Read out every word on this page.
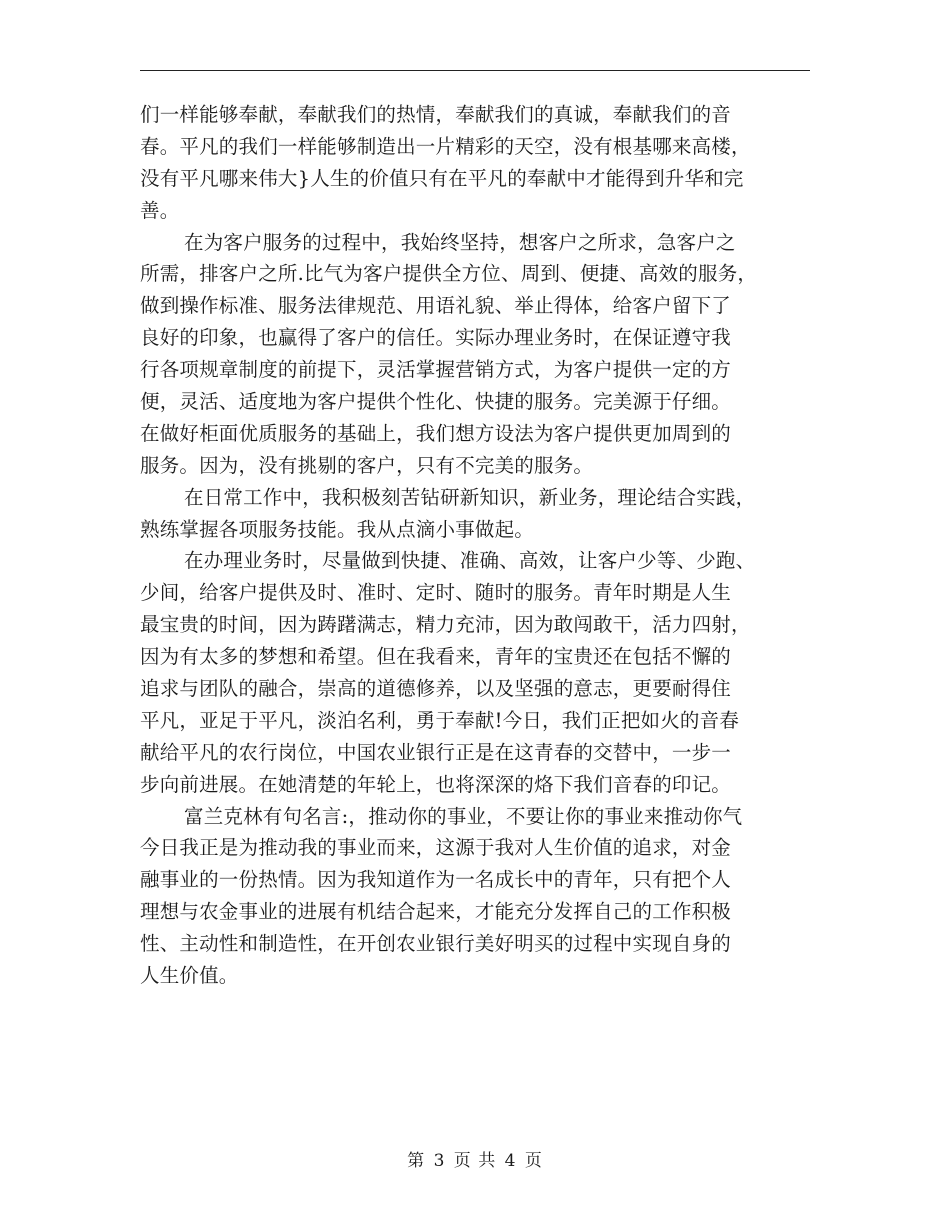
们一样能够奉献，奉献我们的热情，奉献我们的真诚，奉献我们的音
春。平凡的我们一样能够制造出一片精彩的天空，没有根基哪来高楼，
没有平凡哪来伟大}人生的价值只有在平凡的奉献中才能得到升华和完
善。
在为客户服务的过程中，我始终坚持，想客户之所求，急客户之
所需，排客户之所.比气为客户提供全方位、周到、便捷、高效的服务，
做到操作标准、服务法律规范、用语礼貌、举止得体，给客户留下了
良好的印象，也赢得了客户的信任。实际办理业务时，在保证遵守我
行各项规章制度的前提下，灵活掌握营销方式，为客户提供一定的方
便，灵活、适度地为客户提供个性化、快捷的服务。完美源于仔细。
在做好柜面优质服务的基础上，我们想方设法为客户提供更加周到的
服务。因为，没有挑剔的客户，只有不完美的服务。
在日常工作中，我积极刻苦钻研新知识，新业务，理论结合实践，
熟练掌握各项服务技能。我从点滴小事做起。
在办理业务时，尽量做到快捷、准确、高效，让客户少等、少跑、
少间，给客户提供及时、准时、定时、随时的服务。青年时期是人生
最宝贵的时间，因为踌躇满志，精力充沛，因为敢闯敢干，活力四射，
因为有太多的梦想和希望。但在我看来，青年的宝贵还在包括不懈的
追求与团队的融合，崇高的道德修养，以及坚强的意志，更要耐得住
平凡，亚足于平凡，淡泊名利，勇于奉献!今日，我们正把如火的音春
献给平凡的农行岗位，中国农业银行正是在这青春的交替中，一步一
步向前进展。在她清楚的年轮上，也将深深的烙下我们音春的印记。
富兰克林有句名言:，推动你的事业，不要让你的事业来推动你气
今日我正是为推动我的事业而来，这源于我对人生价值的追求，对金
融事业的一份热情。因为我知道作为一名成长中的青年，只有把个人
理想与农金事业的进展有机结合起来，才能充分发挥自己的工作积极
性、主动性和制造性，在开创农业银行美好明买的过程中实现自身的
人生价值。
第 3 页 共 4 页
